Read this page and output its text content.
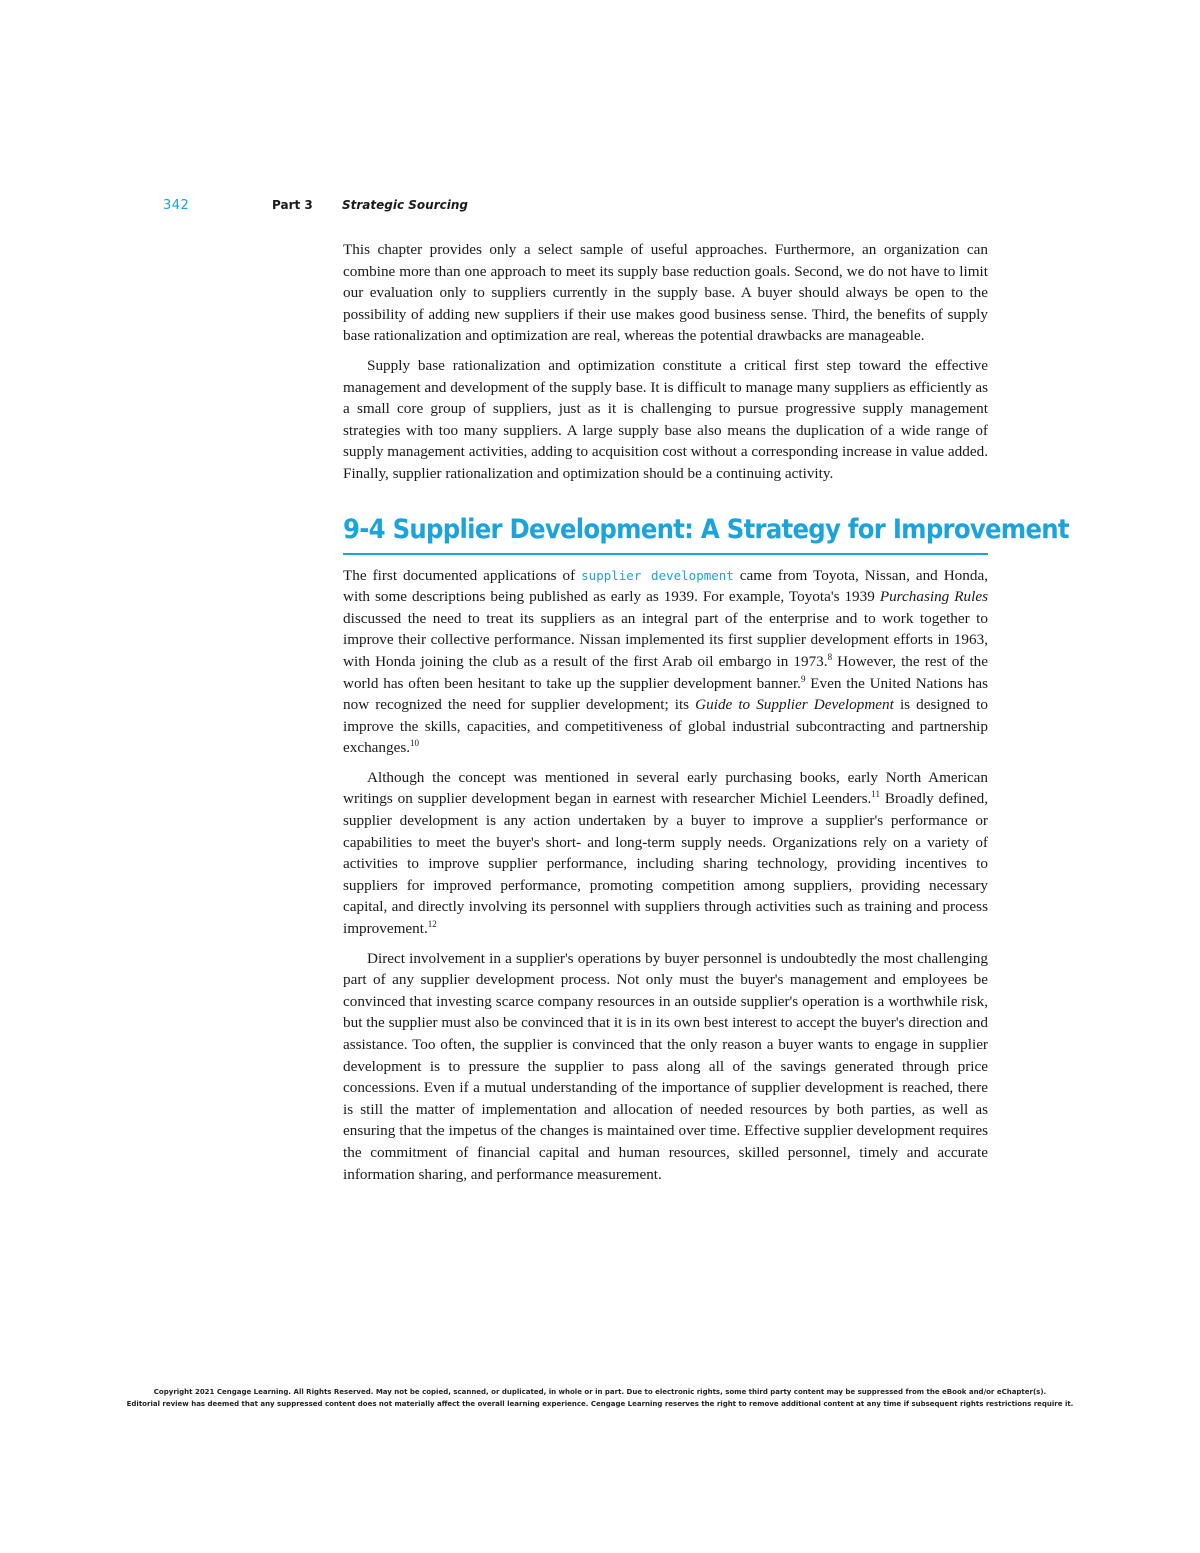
342	Part 3 Strategic Sourcing

This chapter provides only a select sample of useful approaches. Furthermore, an organization can combine more than one approach to meet its supply base reduction goals. Second, we do not have to limit our evaluation only to suppliers currently in the supply base. A buyer should always be open to the possibility of adding new suppliers if their use makes good business sense. Third, the benefits of supply base rationalization and optimization are real, whereas the potential drawbacks are manageable.

Supply base rationalization and optimization constitute a critical first step toward the effective management and development of the supply base. It is difficult to manage many suppliers as efficiently as a small core group of suppliers, just as it is challenging to pursue progressive supply management strategies with too many suppliers. A large supply base also means the duplication of a wide range of supply management activities, adding to acquisition cost without a corresponding increase in value added. Finally, supplier rationalization and optimization should be a continuing activity.

9-4 Supplier Development: A Strategy for Improvement

The first documented applications of supplier development came from Toyota, Nissan, and Honda, with some descriptions being published as early as 1939. For example, Toyota's 1939 Purchasing Rules discussed the need to treat its suppliers as an integral part of the enterprise and to work together to improve their collective performance. Nissan implemented its first supplier development efforts in 1963, with Honda joining the club as a result of the first Arab oil embargo in 1973.$^8$ However, the rest of the world has often been hesitant to take up the supplier development banner.$^9$ Even the United Nations has now recognized the need for supplier development; its Guide to Supplier Development is designed to improve the skills, capacities, and competitiveness of global industrial subcontracting and partnership exchanges.$^{10}$

Although the concept was mentioned in several early purchasing books, early North American writings on supplier development began in earnest with researcher Michiel Leenders.$^{11}$ Broadly defined, supplier development is any action undertaken by a buyer to improve a supplier's performance or capabilities to meet the buyer's short- and long-term supply needs. Organizations rely on a variety of activities to improve supplier performance, including sharing technology, providing incentives to suppliers for improved performance, promoting competition among suppliers, providing necessary capital, and directly involving its personnel with suppliers through activities such as training and process improvement.$^{12}$

Direct involvement in a supplier's operations by buyer personnel is undoubtedly the most challenging part of any supplier development process. Not only must the buyer's management and employees be convinced that investing scarce company resources in an outside supplier's operation is a worthwhile risk, but the supplier must also be convinced that it is in its own best interest to accept the buyer's direction and assistance. Too often, the supplier is convinced that the only reason a buyer wants to engage in supplier development is to pressure the supplier to pass along all of the savings generated through price concessions. Even if a mutual understanding of the importance of supplier development is reached, there is still the matter of implementation and allocation of needed resources by both parties, as well as ensuring that the impetus of the changes is maintained over time. Effective supplier development requires the commitment of financial capital and human resources, skilled personnel, timely and accurate information sharing, and performance measurement.

Copyright 2021 Cengage Learning. All Rights Reserved. May not be copied, scanned, or duplicated, in whole or in part. Due to electronic rights, some third party content may be suppressed from the eBook and/or eChapter(s).
Editorial review has deemed that any suppressed content does not materially affect the overall learning experience. Cengage Learning reserves the right to remove additional content at any time if subsequent rights restrictions require it.
